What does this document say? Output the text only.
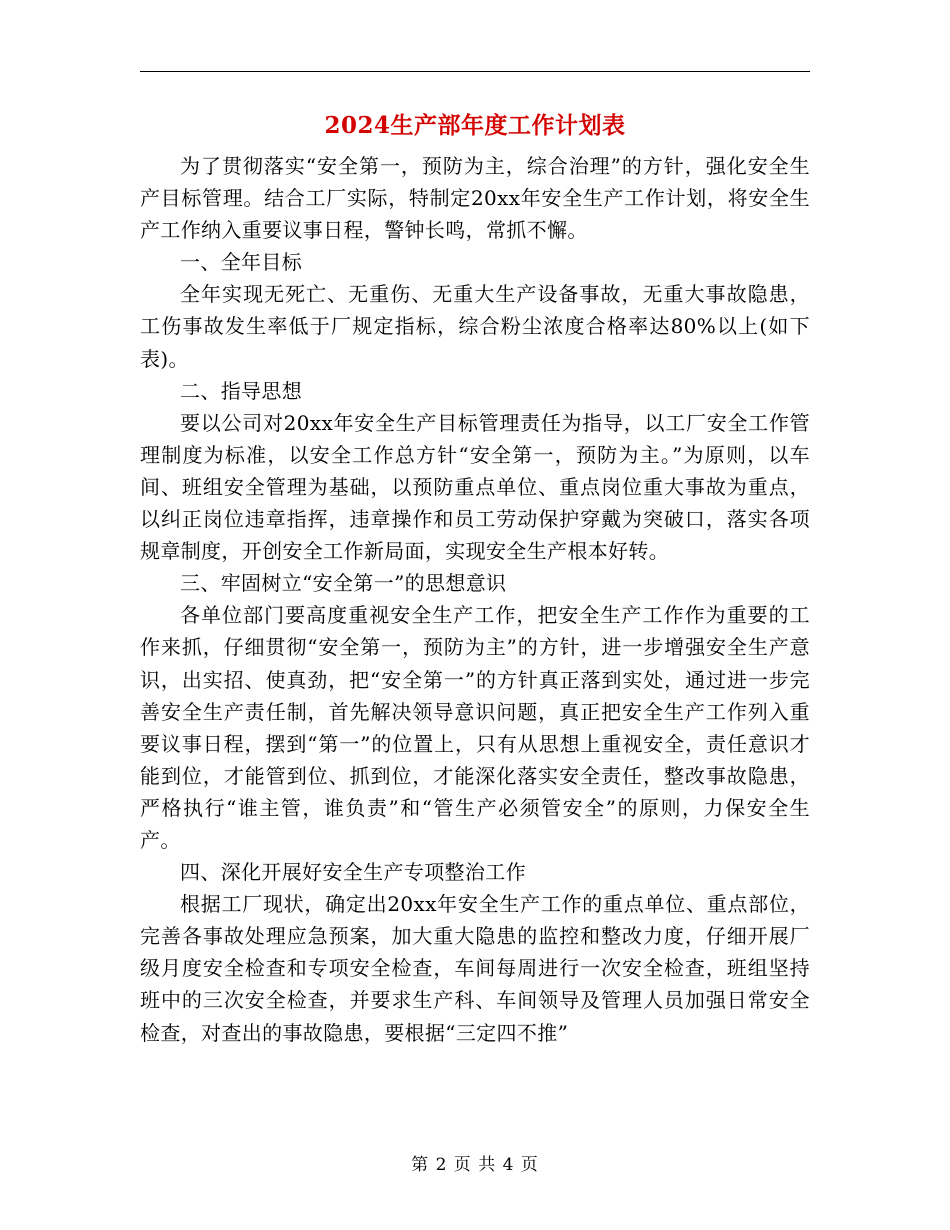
2024生产部年度工作计划表

为了贯彻落实“安全第一，预防为主，综合治理”的方针，强化安全生产目标管理。结合工厂实际，特制定20xx年安全生产工作计划，将安全生产工作纳入重要议事日程，警钟长鸣，常抓不懈。

一、全年目标

全年实现无死亡、无重伤、无重大生产设备事故，无重大事故隐患，工伤事故发生率低于厂规定指标，综合粉尘浓度合格率达80%以上(如下表)。

二、指导思想

要以公司对20xx年安全生产目标管理责任为指导，以工厂安全工作管理制度为标准，以安全工作总方针“安全第一，预防为主。”为原则，以车间、班组安全管理为基础，以预防重点单位、重点岗位重大事故为重点，以纠正岗位违章指挥，违章操作和员工劳动保护穿戴为突破口，落实各项规章制度，开创安全工作新局面，实现安全生产根本好转。

三、牢固树立“安全第一”的思想意识

各单位部门要高度重视安全生产工作，把安全生产工作作为重要的工作来抓，仔细贯彻“安全第一，预防为主”的方针，进一步增强安全生产意识，出实招、使真劲，把“安全第一”的方针真正落到实处，通过进一步完善安全生产责任制，首先解决领导意识问题，真正把安全生产工作列入重要议事日程，摆到“第一”的位置上，只有从思想上重视安全，责任意识才能到位，才能管到位、抓到位，才能深化落实安全责任，整改事故隐患，严格执行“谁主管，谁负责”和“管生产必须管安全”的原则，力保安全生产。

四、深化开展好安全生产专项整治工作

根据工厂现状，确定出20xx年安全生产工作的重点单位、重点部位，完善各事故处理应急预案，加大重大隐患的监控和整改力度，仔细开展厂级月度安全检查和专项安全检查，车间每周进行一次安全检查，班组坚持班中的三次安全检查，并要求生产科、车间领导及管理人员加强日常安全检查，对查出的事故隐患，要根据“三定四不推”

第 2 页 共 4 页
